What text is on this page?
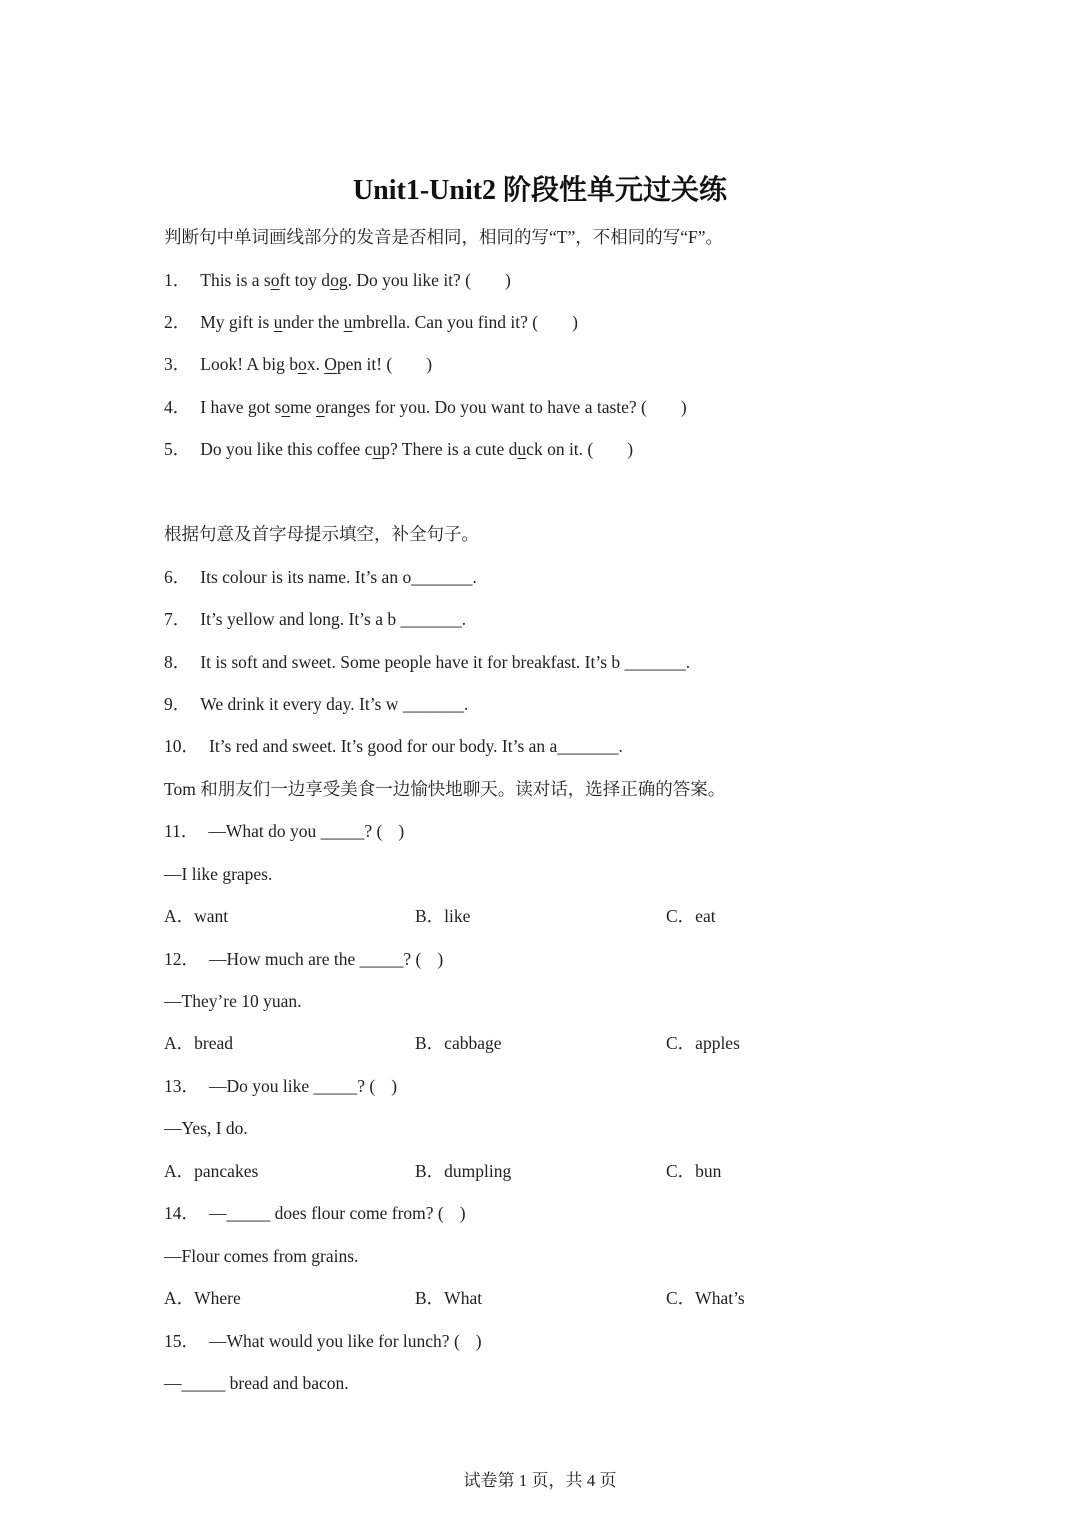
Unit1-Unit2 阶段性单元过关练
判断句中单词画线部分的发音是否相同，相同的写“T”，不相同的写“F”。
1． This is a soft toy dog. Do you like it? ( )
2． My gift is under the umbrella. Can you find it? ( )
3． Look! A big box. Open it! ( )
4． I have got some oranges for you. Do you want to have a taste? ( )
5． Do you like this coffee cup? There is a cute duck on it. ( )
根据句意及首字母提示填空，补全句子。
6． Its colour is its name. It’s an o_______.
7． It’s yellow and long. It’s a b _______.
8． It is soft and sweet. Some people have it for breakfast. It’s b _______.
9． We drink it every day. It’s w _______.
10． It’s red and sweet. It’s good for our body. It’s an a_______.
Tom 和朋友们一边享受美食一边愉快地聊天。读对话，选择正确的答案。
11． —What do you _____? ( )
—I like grapes.
A．want	B．like	C．eat
12． —How much are the _____? ( )
—They’re 10 yuan.
A．bread	B．cabbage	C．apples
13． —Do you like _____? ( )
—Yes, I do.
A．pancakes	B．dumpling	C．bun
14． —_____ does flour come from? ( )
—Flour comes from grains.
A．Where	B．What	C．What’s
15． —What would you like for lunch? ( )
—_____ bread and bacon.
试卷第 1 页，共 4 页
